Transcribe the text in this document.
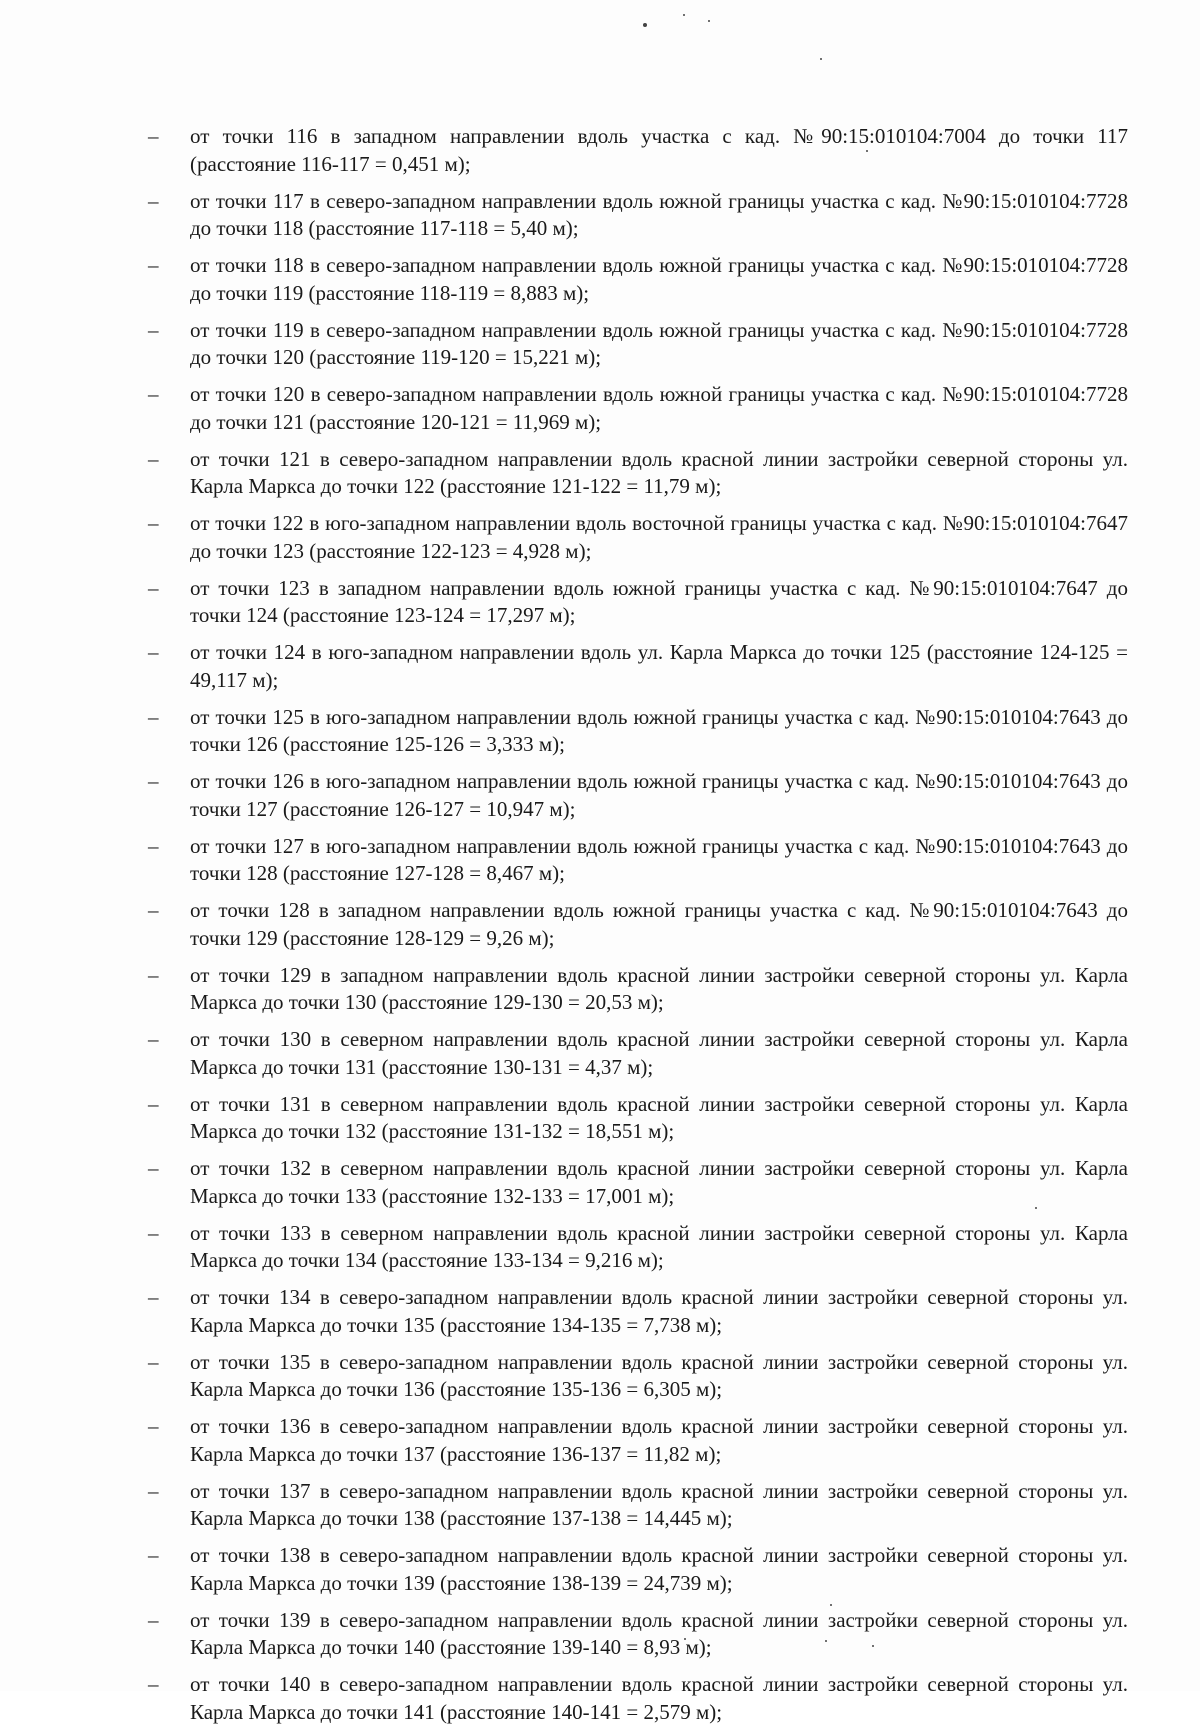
–	от точки 116 в западном направлении вдоль участка с кад. №90:15:010104:7004 до точки 117 (расстояние 116-117 = 0,451 м);
–	от точки 117 в северо-западном направлении вдоль южной границы участка с кад. №90:15:010104:7728 до точки 118 (расстояние 117-118 = 5,40 м);
–	от точки 118 в северо-западном направлении вдоль южной границы участка с кад. №90:15:010104:7728 до точки 119 (расстояние 118-119 = 8,883 м);
–	от точки 119 в северо-западном направлении вдоль южной границы участка с кад. №90:15:010104:7728 до точки 120 (расстояние 119-120 = 15,221 м);
–	от точки 120 в северо-западном направлении вдоль южной границы участка с кад. №90:15:010104:7728 до точки 121 (расстояние 120-121 = 11,969 м);
–	от точки 121 в северо-западном направлении вдоль красной линии застройки северной стороны ул. Карла Маркса до точки 122 (расстояние 121-122 = 11,79 м);
–	от точки 122 в юго-западном направлении вдоль восточной границы участка с кад. №90:15:010104:7647 до точки 123 (расстояние 122-123 = 4,928 м);
–	от точки 123 в западном направлении вдоль южной границы участка с кад. №90:15:010104:7647 до точки 124 (расстояние 123-124 = 17,297 м);
–	от точки 124 в юго-западном направлении вдоль ул. Карла Маркса до точки 125 (расстояние 124-125 = 49,117 м);
–	от точки 125 в юго-западном направлении вдоль южной границы участка с кад. №90:15:010104:7643 до точки 126 (расстояние 125-126 = 3,333 м);
–	от точки 126 в юго-западном направлении вдоль южной границы участка с кад. №90:15:010104:7643 до точки 127 (расстояние 126-127 = 10,947 м);
–	от точки 127 в юго-западном направлении вдоль южной границы участка с кад. №90:15:010104:7643 до точки 128 (расстояние 127-128 = 8,467 м);
–	от точки 128 в западном направлении вдоль южной границы участка с кад. №90:15:010104:7643 до точки 129 (расстояние 128-129 = 9,26 м);
–	от точки 129 в западном направлении вдоль красной линии застройки северной стороны ул. Карла Маркса до точки 130 (расстояние 129-130 = 20,53 м);
–	от точки 130 в северном направлении вдоль красной линии застройки северной стороны ул. Карла Маркса до точки 131 (расстояние 130-131 = 4,37 м);
–	от точки 131 в северном направлении вдоль красной линии застройки северной стороны ул. Карла Маркса до точки 132 (расстояние 131-132 = 18,551 м);
–	от точки 132 в северном направлении вдоль красной линии застройки северной стороны ул. Карла Маркса до точки 133 (расстояние 132-133 = 17,001 м);
–	от точки 133 в северном направлении вдоль красной линии застройки северной стороны ул. Карла Маркса до точки 134 (расстояние 133-134 = 9,216 м);
–	от точки 134 в северо-западном направлении вдоль красной линии застройки северной стороны ул. Карла Маркса до точки 135 (расстояние 134-135 = 7,738 м);
–	от точки 135 в северо-западном направлении вдоль красной линии застройки северной стороны ул. Карла Маркса до точки 136 (расстояние 135-136 = 6,305 м);
–	от точки 136 в северо-западном направлении вдоль красной линии застройки северной стороны ул. Карла Маркса до точки 137 (расстояние 136-137 = 11,82 м);
–	от точки 137 в северо-западном направлении вдоль красной линии застройки северной стороны ул. Карла Маркса до точки 138 (расстояние 137-138 = 14,445 м);
–	от точки 138 в северо-западном направлении вдоль красной линии застройки северной стороны ул. Карла Маркса до точки 139 (расстояние 138-139 = 24,739 м);
–	от точки 139 в северо-западном направлении вдоль красной линии застройки северной стороны ул. Карла Маркса до точки 140 (расстояние 139-140 = 8,93 м);
–	от точки 140 в северо-западном направлении вдоль красной линии застройки северной стороны ул. Карла Маркса до точки 141 (расстояние 140-141 = 2,579 м);
